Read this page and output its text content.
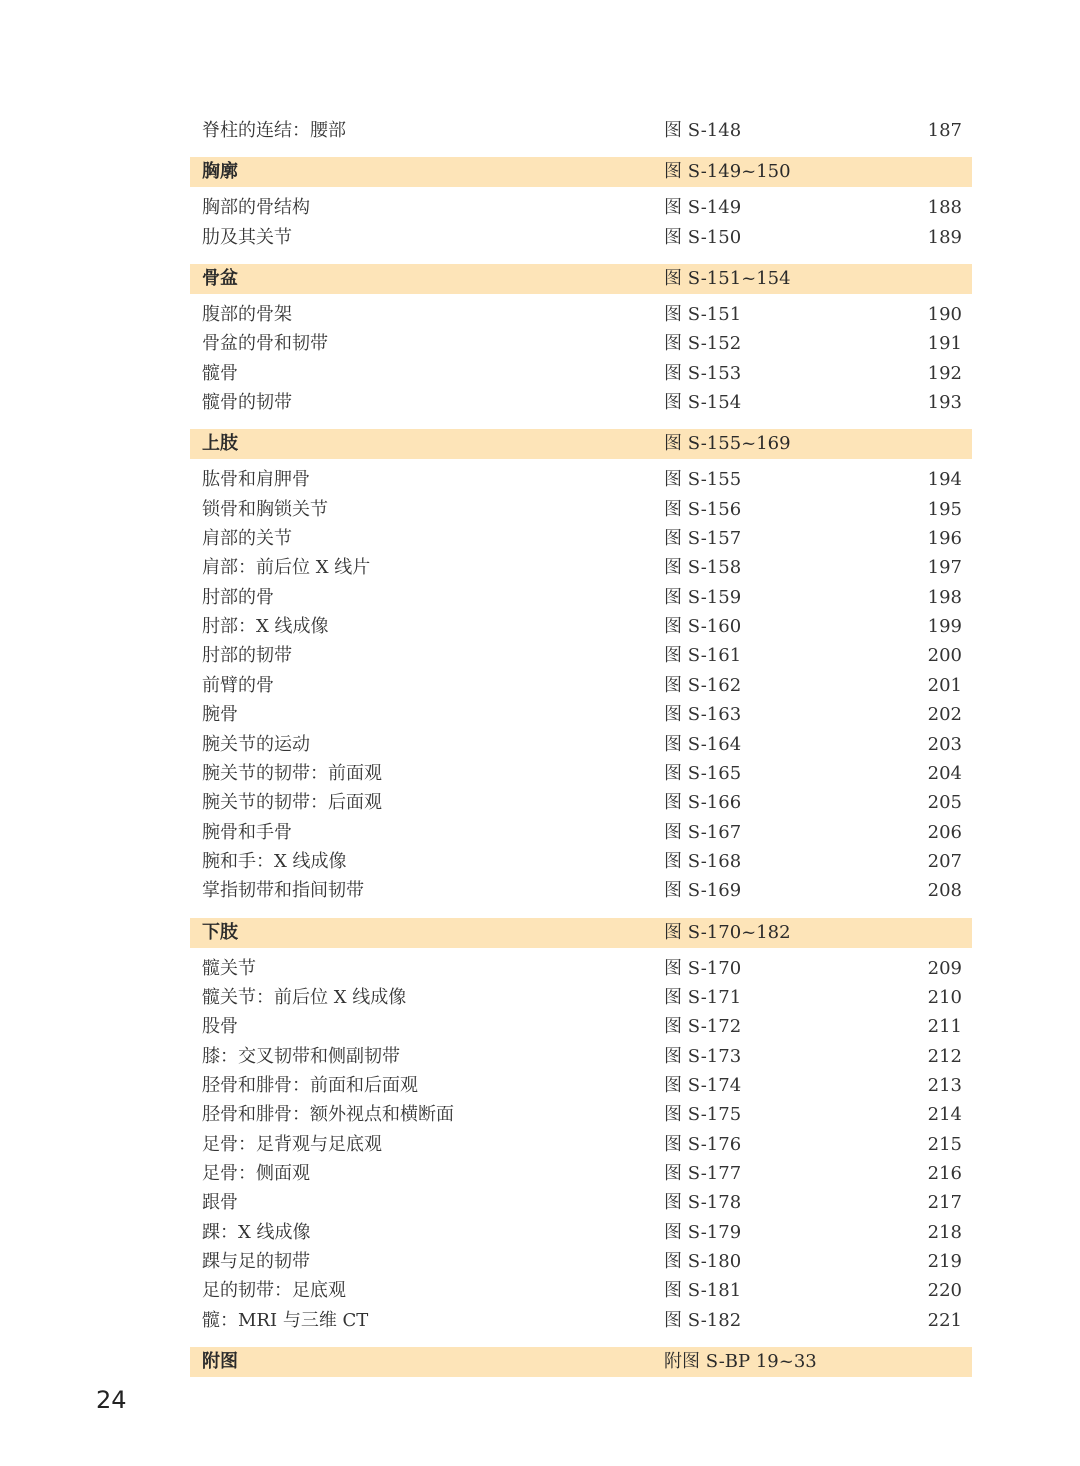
脊柱的连结：腰部	图 S-148	187
胸廓	图 S-149~150
胸部的骨结构	图 S-149	188
肋及其关节	图 S-150	189
骨盆	图 S-151~154
腹部的骨架	图 S-151	190
骨盆的骨和韧带	图 S-152	191
髋骨	图 S-153	192
髋骨的韧带	图 S-154	193
上肢	图 S-155~169
肱骨和肩胛骨	图 S-155	194
锁骨和胸锁关节	图 S-156	195
肩部的关节	图 S-157	196
肩部：前后位 X 线片	图 S-158	197
肘部的骨	图 S-159	198
肘部：X 线成像	图 S-160	199
肘部的韧带	图 S-161	200
前臂的骨	图 S-162	201
腕骨	图 S-163	202
腕关节的运动	图 S-164	203
腕关节的韧带：前面观	图 S-165	204
腕关节的韧带：后面观	图 S-166	205
腕骨和手骨	图 S-167	206
腕和手：X 线成像	图 S-168	207
掌指韧带和指间韧带	图 S-169	208
下肢	图 S-170~182
髋关节	图 S-170	209
髋关节：前后位 X 线成像	图 S-171	210
股骨	图 S-172	211
膝：交叉韧带和侧副韧带	图 S-173	212
胫骨和腓骨：前面和后面观	图 S-174	213
胫骨和腓骨：额外视点和横断面	图 S-175	214
足骨：足背观与足底观	图 S-176	215
足骨：侧面观	图 S-177	216
跟骨	图 S-178	217
踝：X 线成像	图 S-179	218
踝与足的韧带	图 S-180	219
足的韧带：足底观	图 S-181	220
髋：MRI 与三维 CT	图 S-182	221
附图	附图 S-BP 19~33
24
